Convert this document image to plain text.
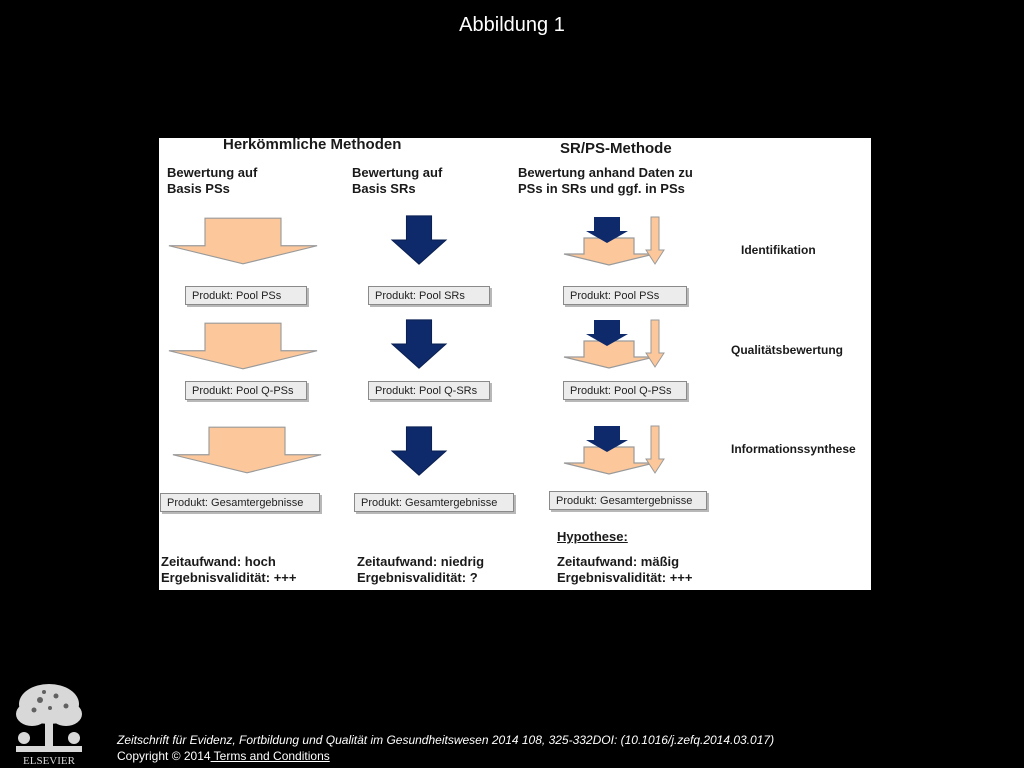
Abbildung 1
Herkömmliche Methoden	SR/PS-Methode
Bewertung auf
Basis PSs
Produkt: Pool PSs
Produkt: Pool Q-PSs
Produkt: Gesamtergebnisse
Zeitaufwand: hoch
Ergebnisvalidität: +++
Bewertung auf
Basis SRs
Produkt: Pool SRs
Produkt: Pool Q-SRs
Produkt: Gesamtergebnisse
Zeitaufwand: niedrig
Ergebnisvalidität: ?
Bewertung anhand Daten zu
PSs in SRs und ggf. in PSs
Produkt: Pool PSs
Produkt: Pool Q-PSs
Produkt: Gesamtergebnisse
Hypothese:
Zeitaufwand: mäßig
Ergebnisvalidität: +++
Identifikation
Qualitätsbewertung
Informationssynthese
ELSEVIER
Zeitschrift für Evidenz, Fortbildung und Qualität im Gesundheitswesen 2014 108, 325-332DOI: (10.1016/j.zefq.2014.03.017)
Copyright © 2014 Terms and Conditions
